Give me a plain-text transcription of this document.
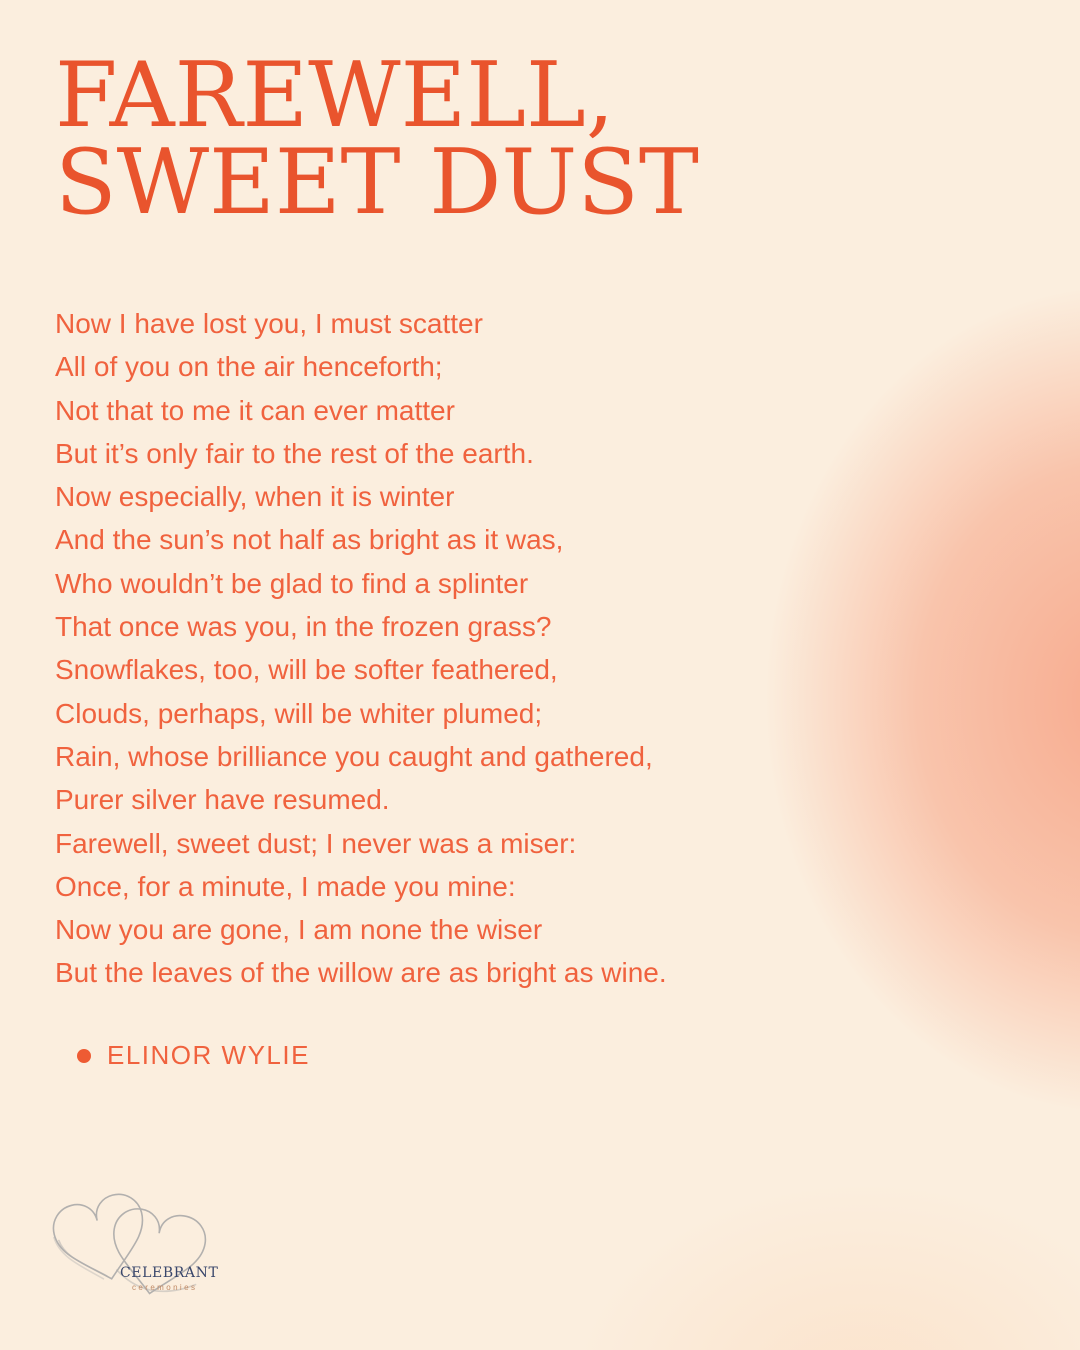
FAREWELL,
SWEET DUST
Now I have lost you, I must scatter
All of you on the air henceforth;
Not that to me it can ever matter
But it’s only fair to the rest of the earth.
Now especially, when it is winter
And the sun’s not half as bright as it was,
Who wouldn’t be glad to find a splinter
That once was you, in the frozen grass?
Snowflakes, too, will be softer feathered,
Clouds, perhaps, will be whiter plumed;
Rain, whose brilliance you caught and gathered,
Purer silver have resumed.
Farewell, sweet dust; I never was a miser:
Once, for a minute, I made you mine:
Now you are gone, I am none the wiser
But the leaves of the willow are as bright as wine.
ELINOR WYLIE
CELEBRANT
ceremonies
